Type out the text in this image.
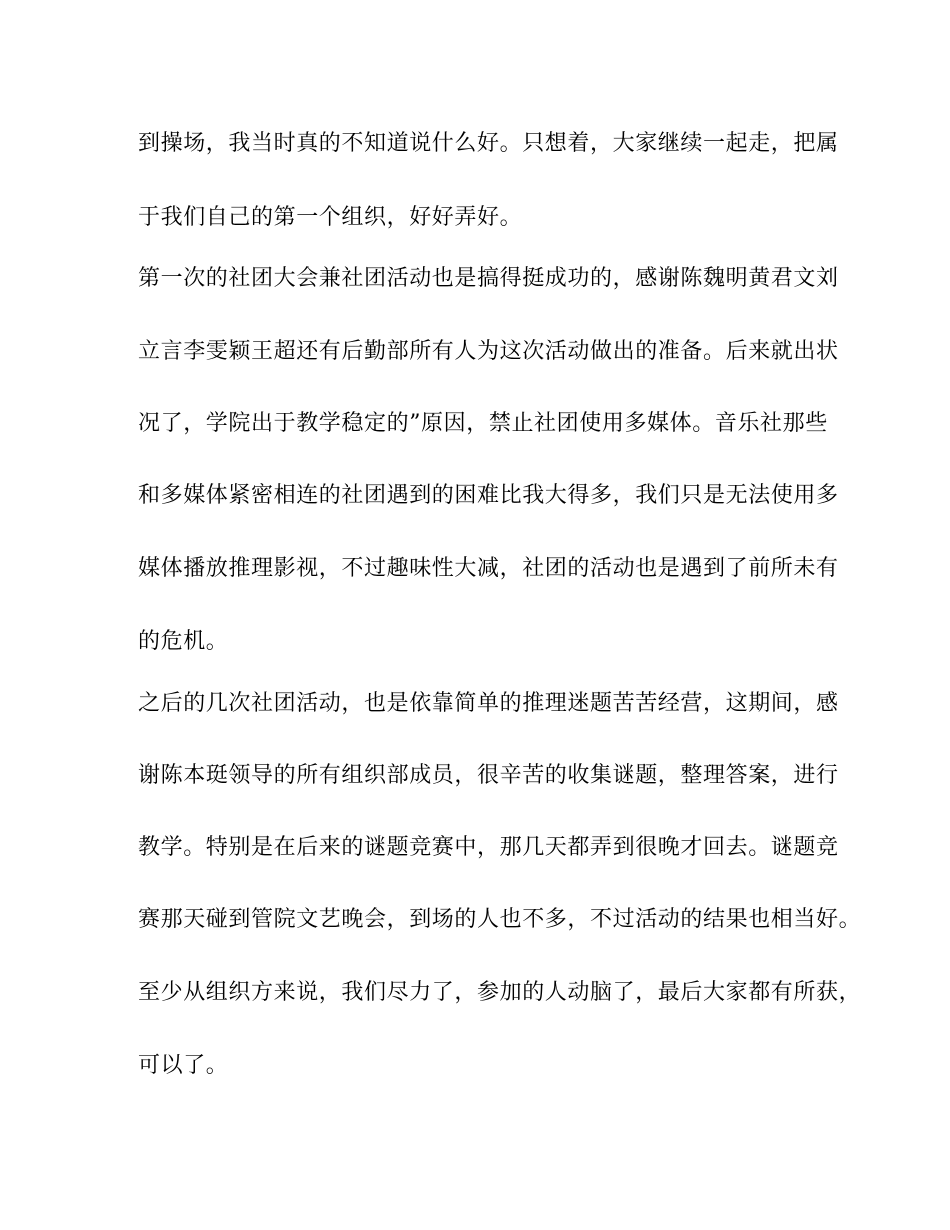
到操场，我当时真的不知道说什么好。只想着，大家继续一起走，把属

于我们自己的第一个组织，好好弄好。

第一次的社团大会兼社团活动也是搞得挺成功的，感谢陈魏明黄君文刘

立言李雯颖王超还有后勤部所有人为这次活动做出的准备。后来就出状

况了，学院出于教学稳定的”原因，禁止社团使用多媒体。音乐社那些

和多媒体紧密相连的社团遇到的困难比我大得多，我们只是无法使用多

媒体播放推理影视，不过趣味性大减，社团的活动也是遇到了前所未有

的危机。

之后的几次社团活动，也是依靠简单的推理迷题苦苦经营，这期间，感

谢陈本珽领导的所有组织部成员，很辛苦的收集谜题，整理答案，进行

教学。特别是在后来的谜题竞赛中，那几天都弄到很晚才回去。谜题竞

赛那天碰到管院文艺晚会，到场的人也不多，不过活动的结果也相当好。

至少从组织方来说，我们尽力了，参加的人动脑了，最后大家都有所获，

可以了。
